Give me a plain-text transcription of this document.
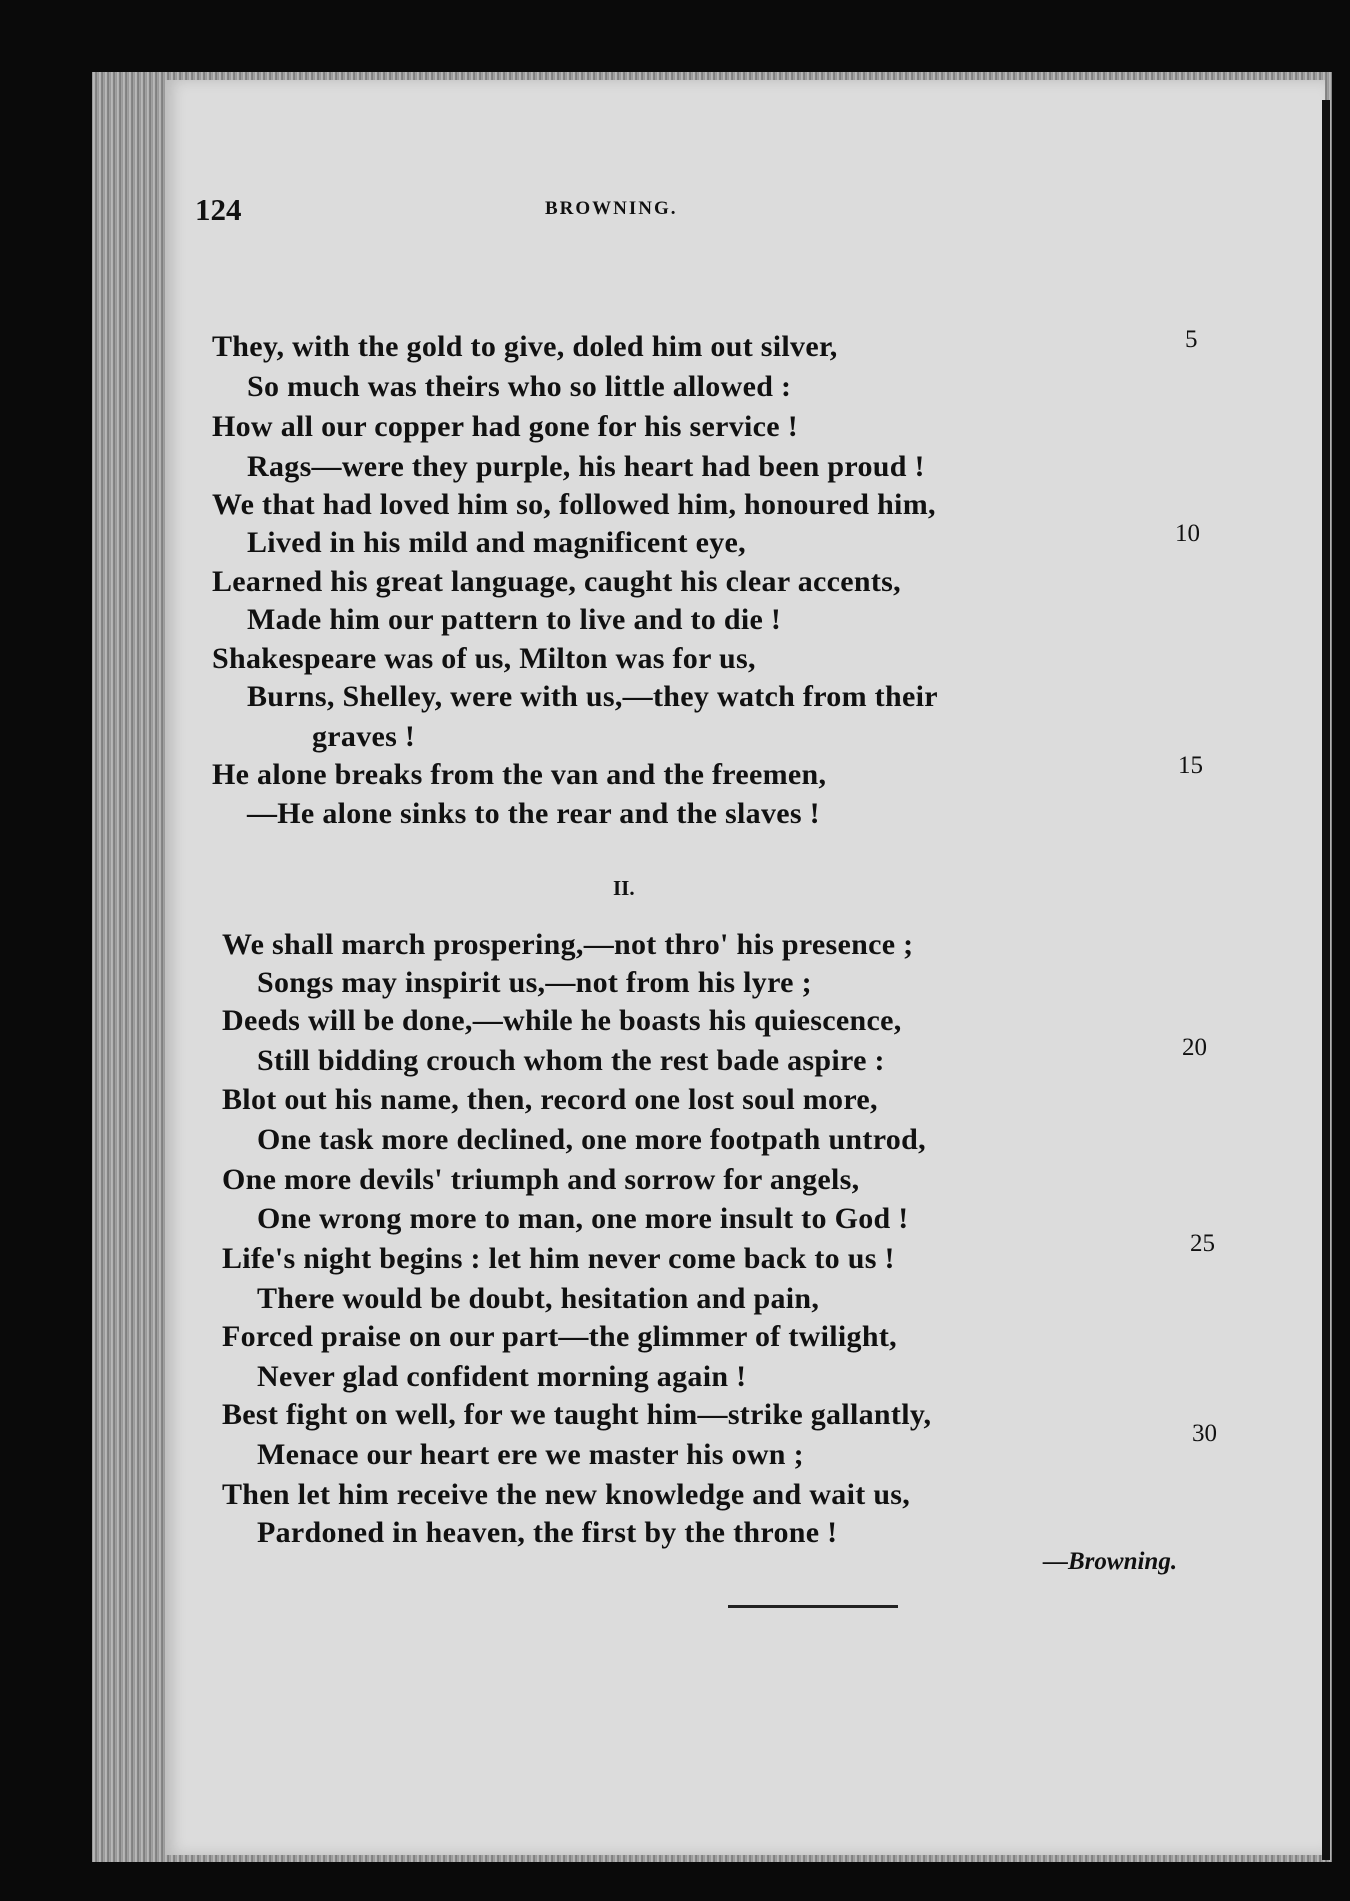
124	BROWNING.
They, with the gold to give, doled him out silver,	5
So much was theirs who so little allowed :
How all our copper had gone for his service !
Rags—were they purple, his heart had been proud !
We that had loved him so, followed him, honoured him,
Lived in his mild and magnificent eye,	10
Learned his great language, caught his clear accents,
Made him our pattern to live and to die !
Shakespeare was of us, Milton was for us,
Burns, Shelley, were with us,—they watch from their
graves !
He alone breaks from the van and the freemen,	15
—He alone sinks to the rear and the slaves !
II.
We shall march prospering,—not thro' his presence ;
Songs may inspirit us,—not from his lyre ;
Deeds will be done,—while he boasts his quiescence,
Still bidding crouch whom the rest bade aspire :	20
Blot out his name, then, record one lost soul more,
One task more declined, one more footpath untrod,
One more devils' triumph and sorrow for angels,
One wrong more to man, one more insult to God !
Life's night begins : let him never come back to us !	25
There would be doubt, hesitation and pain,
Forced praise on our part—the glimmer of twilight,
Never glad confident morning again !
Best fight on well, for we taught him—strike gallantly,
Menace our heart ere we master his own ;
30
Then let him receive the new knowledge and wait us,
Pardoned in heaven, the first by the throne !
—Browning.
